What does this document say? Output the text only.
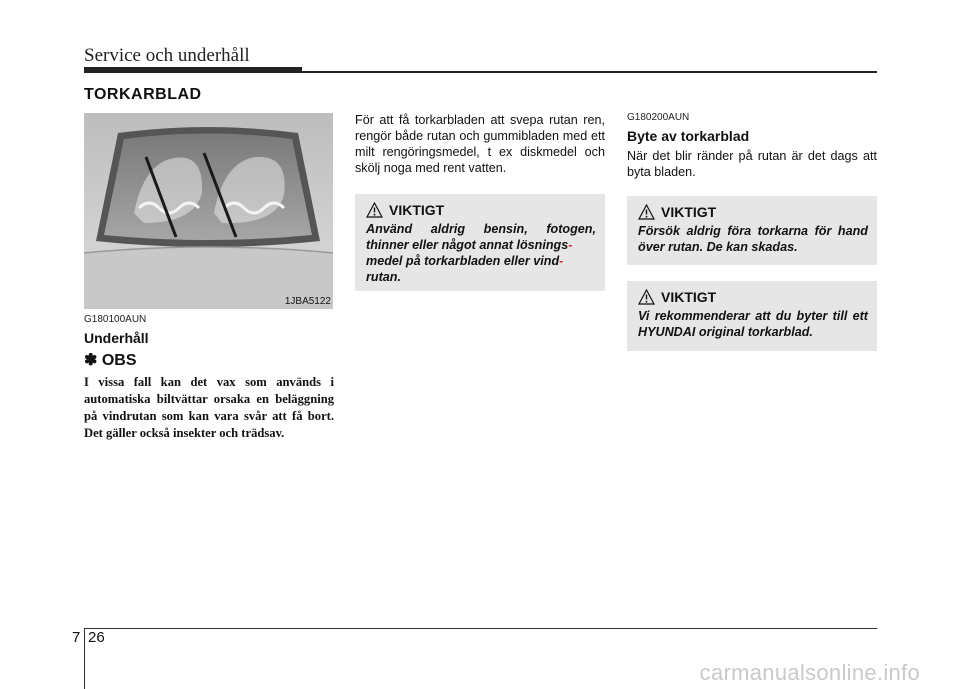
Service och underhåll
TORKARBLAD
1JBA5122
G180100AUN
Underhåll
✽ OBS

I vissa fall kan det vax som används i automatiska biltvättar orsaka en beläggning på vindrutan som kan vara svår att få bort. Det gäller också insekter och trädsav.

För att få torkarbladen att svepa rutan ren, rengör både rutan och gummibladen med ett milt rengöringsmedel, t ex diskmedel och skölj noga med rent vatten.

VIKTIGT

Använd aldrig bensin, fotogen, thinner eller något annat lösnings-
medel på torkarbladen eller vind-
rutan.

G180200AUN
Byte av torkarblad

När det blir ränder på rutan är det dags att byta bladen.

VIKTIGT

Försök aldrig föra torkarna för hand över rutan. De kan skadas.

VIKTIGT

Vi rekommenderar att du byter till ett HYUNDAI original torkarblad.

7 26
carmanualsonline.info
